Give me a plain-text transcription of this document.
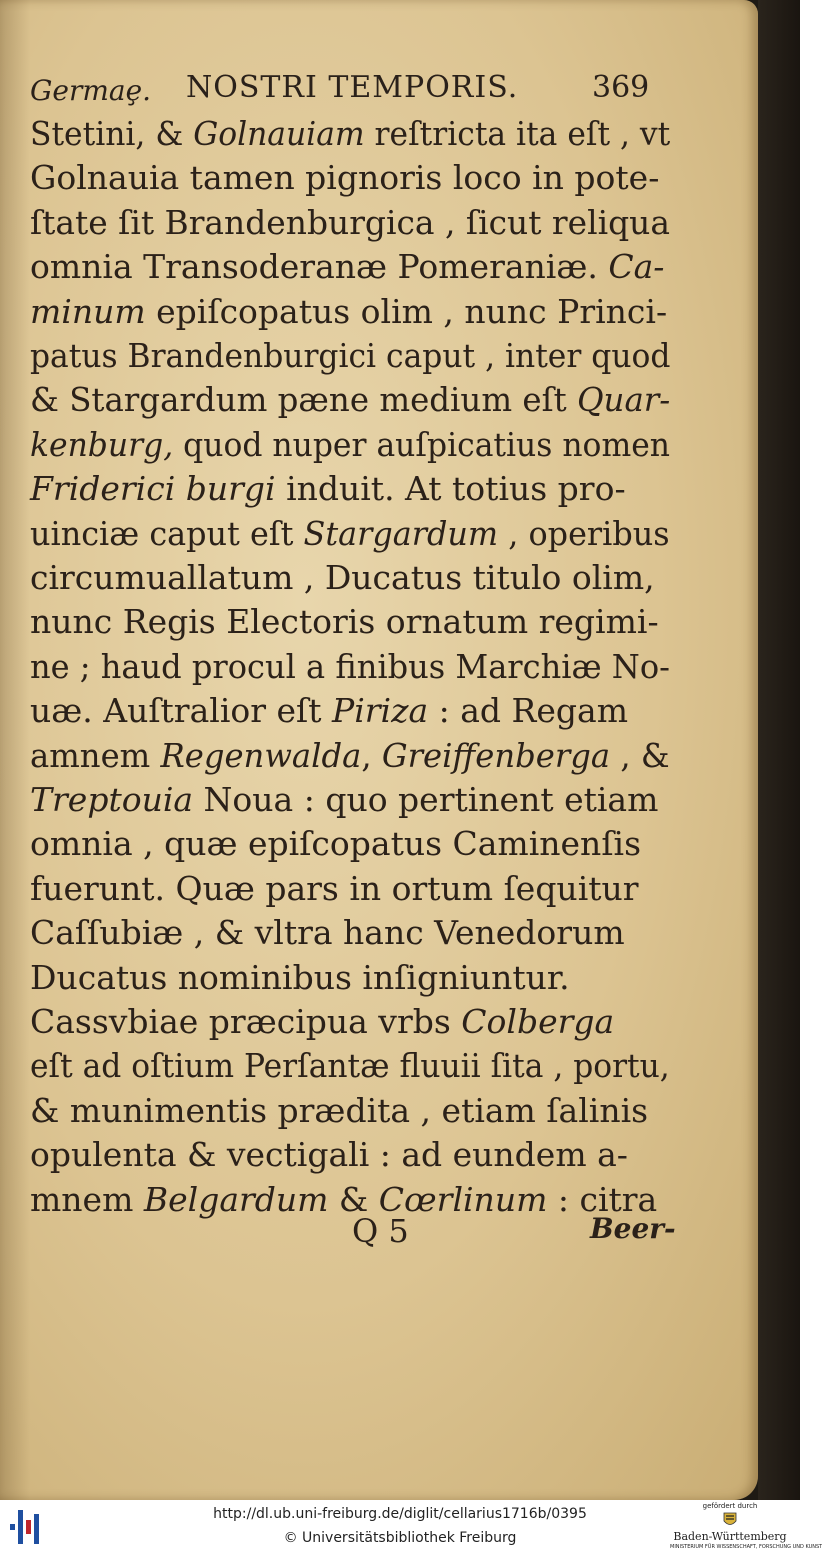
Germaȩ. NOSTRI TEMPORIS. 369
Stetini, & Golnauiam reſtricta ita eſt , vt
Golnauia tamen pignoris loco in pote-
ſtate ſit Brandenburgica , ſicut reliqua
omnia Transoderanæ Pomeraniæ. Ca-
minum epiſcopatus olim , nunc Princi-
patus Brandenburgici caput , inter quod
& Stargardum pæne medium eſt Quar-
kenburg, quod nuper auſpicatius nomen
Friderici burgi induit. At totius pro-
uinciæ caput eſt Stargardum , operibus
circumuallatum , Ducatus titulo olim,
nunc Regis Electoris ornatum regimi-
ne ; haud procul a finibus Marchiæ No-
uæ. Auſtralior eſt Piriza : ad Regam
amnem Regenwalda, Greiffenberga , &
Treptouia Noua : quo pertinent etiam
omnia , quæ epiſcopatus Caminenſis
fuerunt. Quæ pars in ortum ſequitur
Caſſubiæ , & vltra hanc Venedorum
Ducatus nominibus inſigniuntur.
Cassvbiae præcipua vrbs Colberga
eſt ad oſtium Perſantæ fluuii ſita , portu,
& munimentis prædita , etiam ſalinis
opulenta & vectigali : ad eundem a-
mnem Belgardum & Cœrlinum : citra
Q 5	Beer-
http://dl.ub.uni-freiburg.de/diglit/cellarius1716b/0395
© Universitätsbibliothek Freiburg
gefördert durch
Baden-Württemberg
MINISTERIUM FÜR WISSENSCHAFT, FORSCHUNG UND KUNST
